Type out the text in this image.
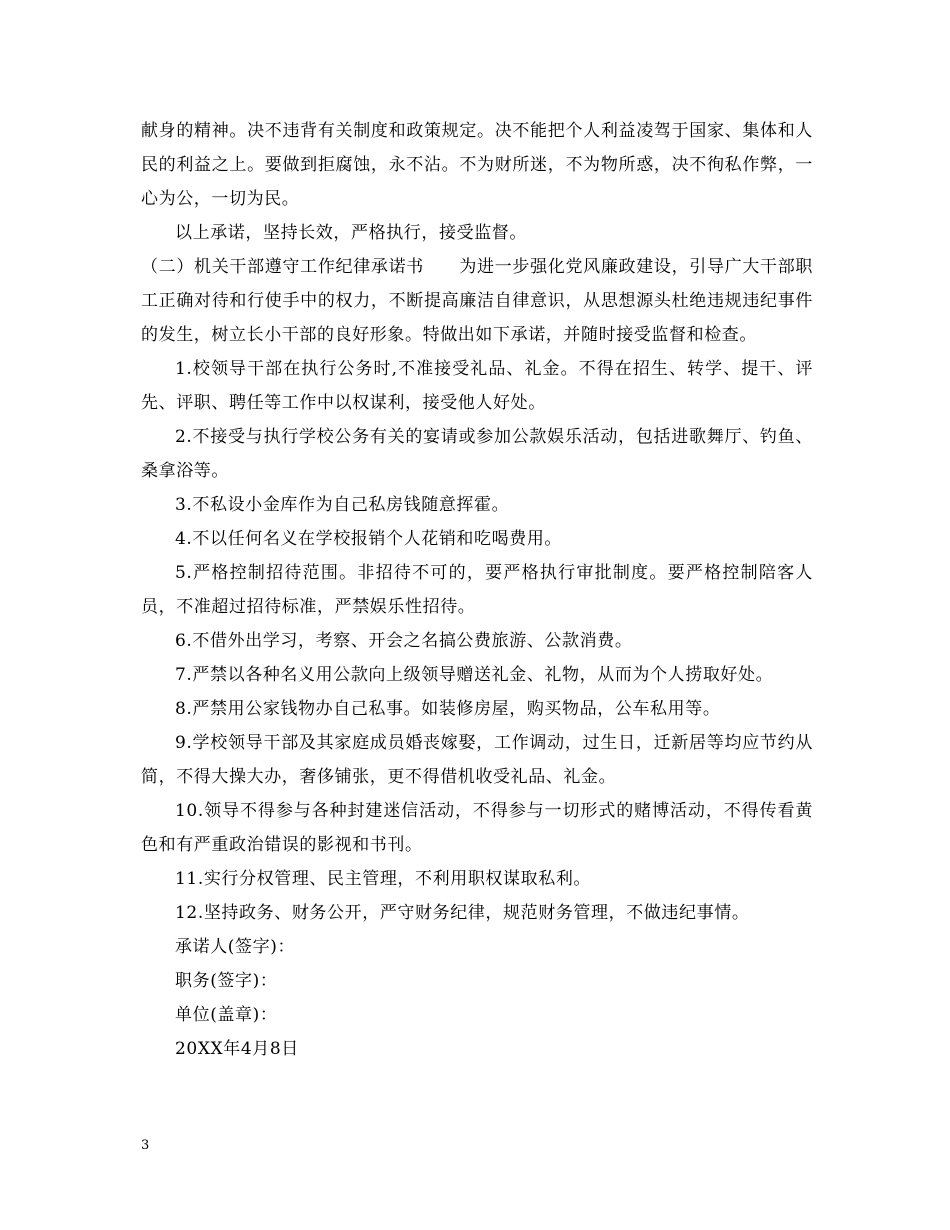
献身的精神。决不违背有关制度和政策规定。决不能把个人利益凌驾于国家、集体和人民的利益之上。要做到拒腐蚀，永不沾。不为财所迷，不为物所惑，决不徇私作弊，一心为公，一切为民。

以上承诺，坚持长效，严格执行，接受监督。

（二）机关干部遵守工作纪律承诺书　　 为进一步强化党风廉政建设，引导广大干部职工正确对待和行使手中的权力，不断提高廉洁自律意识，从思想源头杜绝违规违纪事件的发生，树立长小干部的良好形象。特做出如下承诺，并随时接受监督和检查。

1.校领导干部在执行公务时,不准接受礼品、礼金。不得在招生、转学、提干、评先、评职、聘任等工作中以权谋利，接受他人好处。

2.不接受与执行学校公务有关的宴请或参加公款娱乐活动，包括进歌舞厅、钓鱼、桑拿浴等。

3.不私设小金库作为自己私房钱随意挥霍。

4.不以任何名义在学校报销个人花销和吃喝费用。

5.严格控制招待范围。非招待不可的，要严格执行审批制度。要严格控制陪客人员，不准超过招待标准，严禁娱乐性招待。

6.不借外出学习，考察、开会之名搞公费旅游、公款消费。

7.严禁以各种名义用公款向上级领导赠送礼金、礼物，从而为个人捞取好处。

8.严禁用公家钱物办自己私事。如装修房屋，购买物品，公车私用等。

9.学校领导干部及其家庭成员婚丧嫁娶，工作调动，过生日，迁新居等均应节约从简，不得大操大办，奢侈铺张，更不得借机收受礼品、礼金。

10.领导不得参与各种封建迷信活动，不得参与一切形式的赌博活动，不得传看黄色和有严重政治错误的影视和书刊。

11.实行分权管理、民主管理，不利用职权谋取私利。

12.坚持政务、财务公开，严守财务纪律，规范财务管理，不做违纪事情。

承诺人(签字)：

职务(签字)：

单位(盖章)：

20XX年4月8日

3
